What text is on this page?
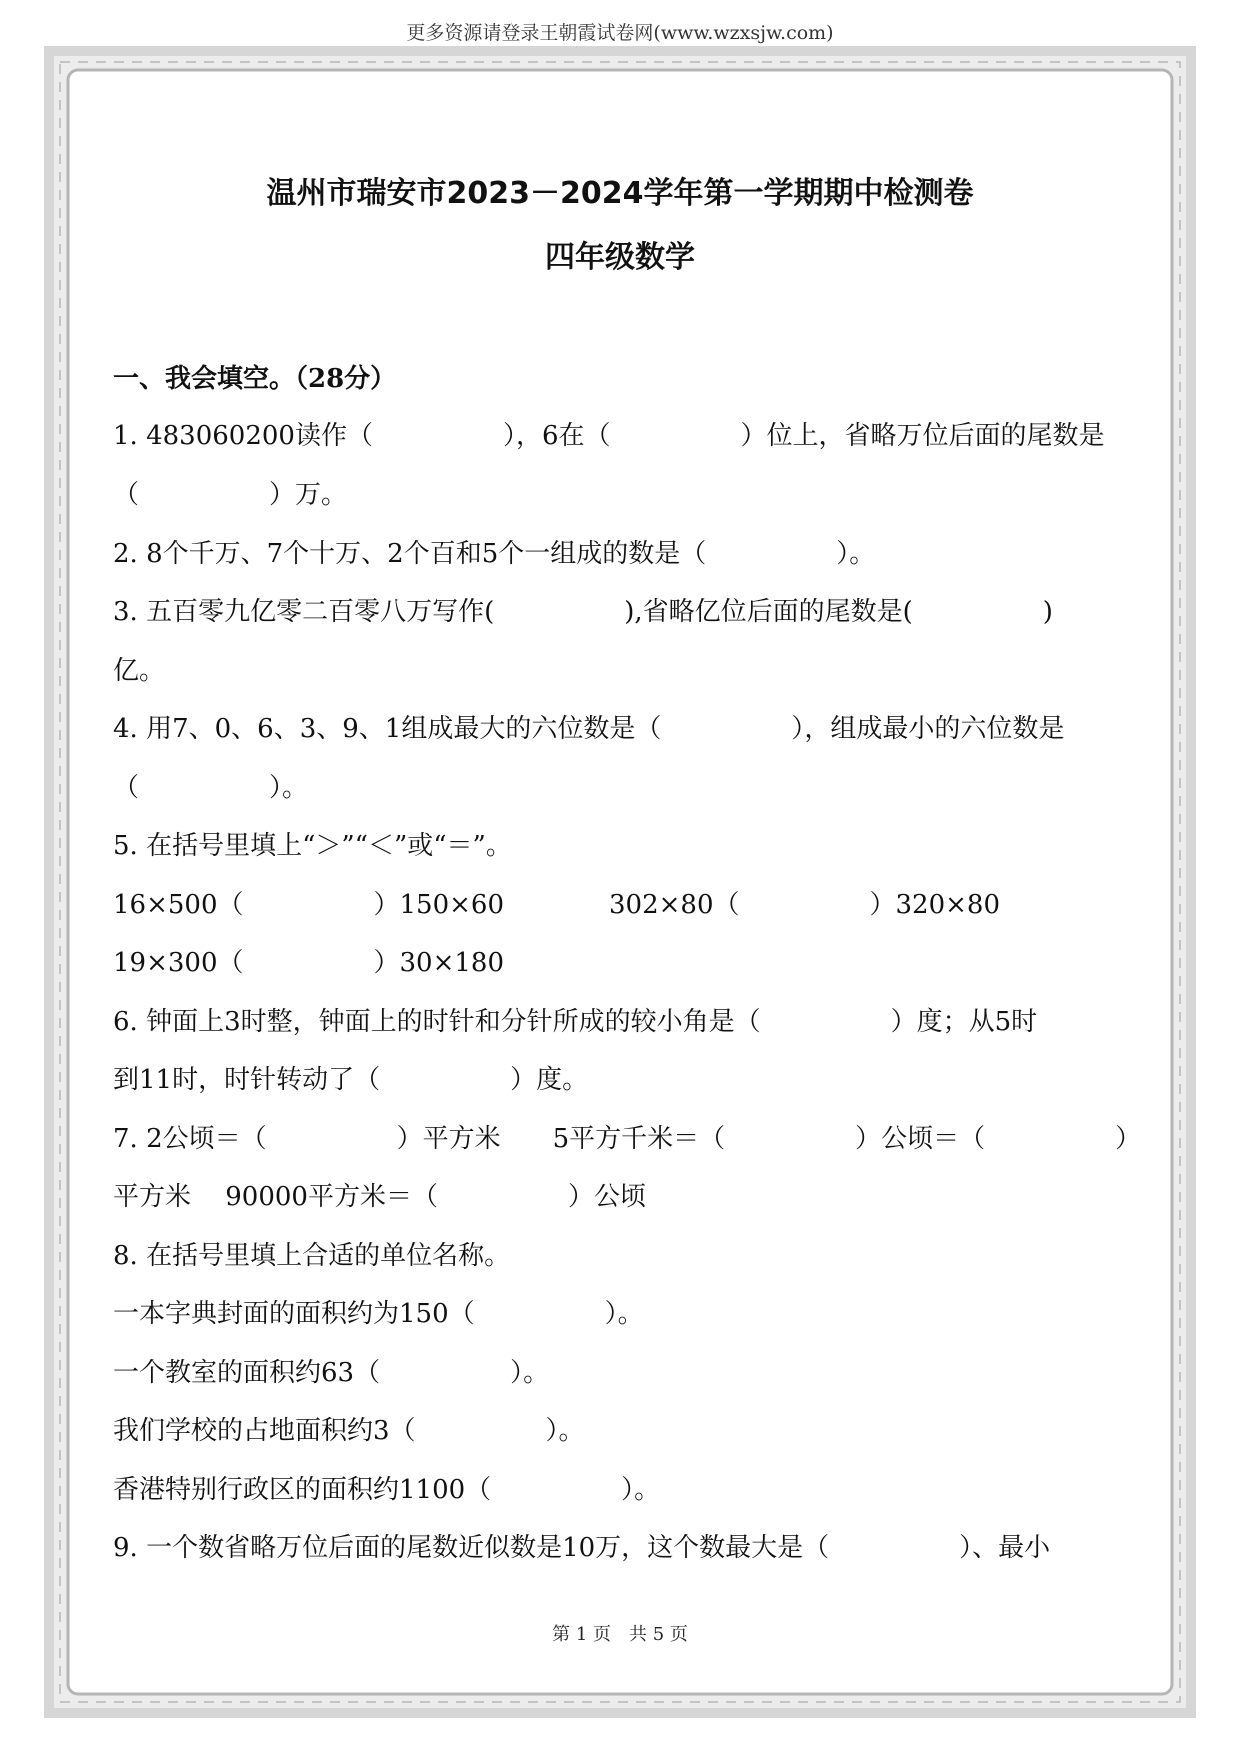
更多资源请登录王朝霞试卷网(www.wzxsjw.com)
温州市瑞安市2023－2024学年第一学期期中检测卷
四年级数学
一、我会填空。（28分）
1. 483060200读作（　　　　　），6在（　　　　　）位上，省略万位后面的尾数是
（　　　　　）万。
2. 8个千万、7个十万、2个百和5个一组成的数是（　　　　　）。
3. 五百零九亿零二百零八万写作(　　　　　),省略亿位后面的尾数是(　　　　　)
亿。
4. 用7、0、6、3、9、1组成最大的六位数是（　　　　　），组成最小的六位数是
（　　　　　）。
5. 在括号里填上“＞”“＜”或“＝”。
16×500（　　　　　）150×60	302×80（　　　　　）320×80
19×300（　　　　　）30×180
6. 钟面上3时整，钟面上的时针和分针所成的较小角是（　　　　　）度；从5时
到11时，时针转动了（　　　　　）度。
7. 2公顷＝（　　　　　）平方米　　5平方千米＝（　　　　　）公顷＝（　　　　　）
平方米　 90000平方米＝（　　　　　）公顷
8. 在括号里填上合适的单位名称。
一本字典封面的面积约为150（　　　　　）。
一个教室的面积约63（　　　　　）。
我们学校的占地面积约3（　　　　　）。
香港特别行政区的面积约1100（　　　　　）。
9. 一个数省略万位后面的尾数近似数是10万，这个数最大是（　　　　　）、最小
第 1 页　共 5 页
